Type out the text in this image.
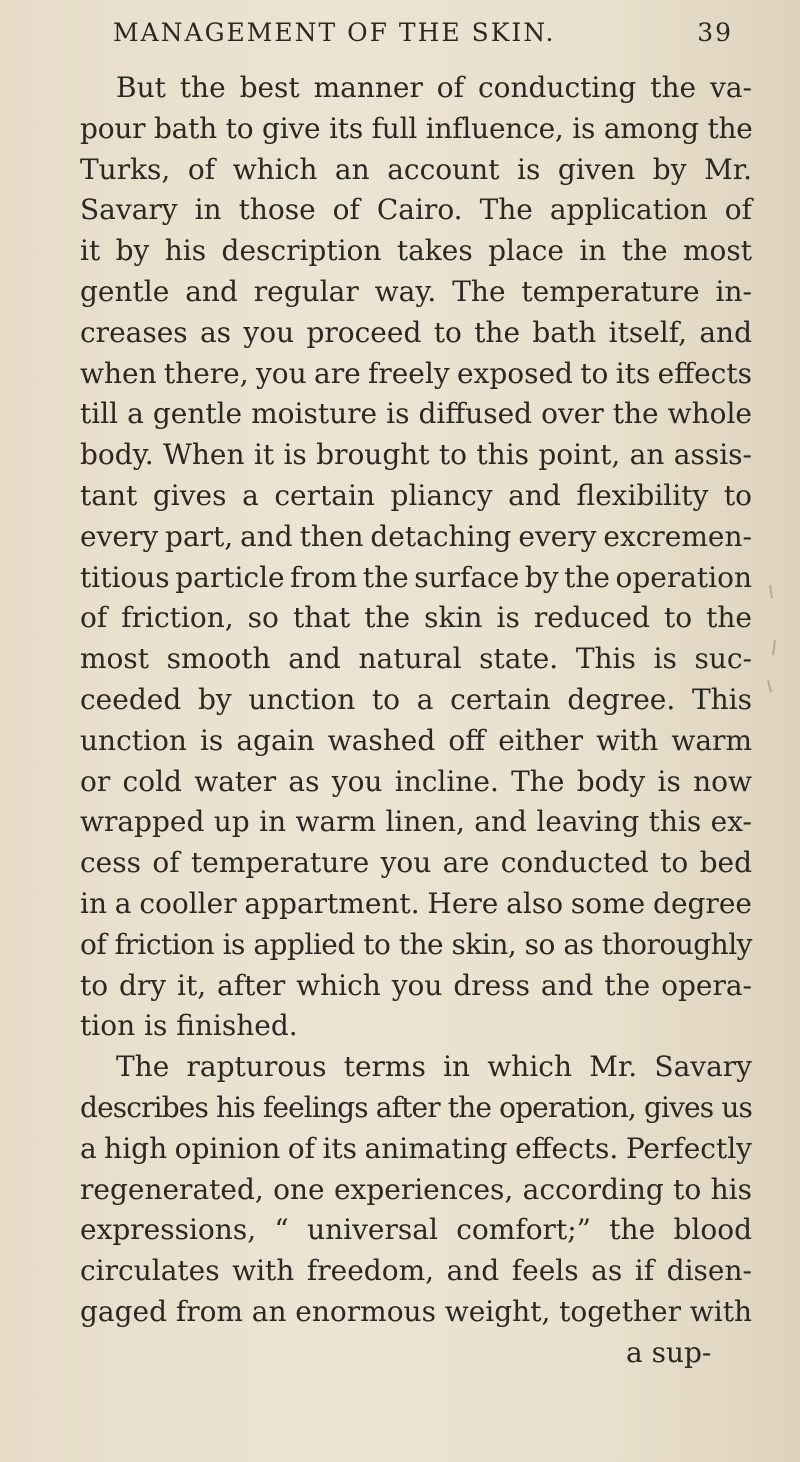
MANAGEMENT OF THE SKIN.	39
But the best manner of conducting the va-
pour bath to give its full influence, is among the
Turks, of which an account is given by Mr.
Savary in those of Cairo. The application of
it by his description takes place in the most
gentle and regular way. The temperature in-
creases as you proceed to the bath itself, and
when there, you are freely exposed to its effects
till a gentle moisture is diffused over the whole
body. When it is brought to this point, an assis-
tant gives a certain pliancy and flexibility to
every part, and then detaching every excremen-
titious particle from the surface by the operation
of friction, so that the skin is reduced to the
most smooth and natural state. This is suc-
ceeded by unction to a certain degree. This
unction is again washed off either with warm
or cold water as you incline. The body is now
wrapped up in warm linen, and leaving this ex-
cess of temperature you are conducted to bed
in a cooller appartment. Here also some degree
of friction is applied to the skin, so as thoroughly
to dry it, after which you dress and the opera-
tion is finished.
The rapturous terms in which Mr. Savary
describes his feelings after the operation, gives us
a high opinion of its animating effects. Perfectly
regenerated, one experiences, according to his
expressions, “ universal comfort;” the blood
circulates with freedom, and feels as if disen-
gaged from an enormous weight, together with
a sup-
